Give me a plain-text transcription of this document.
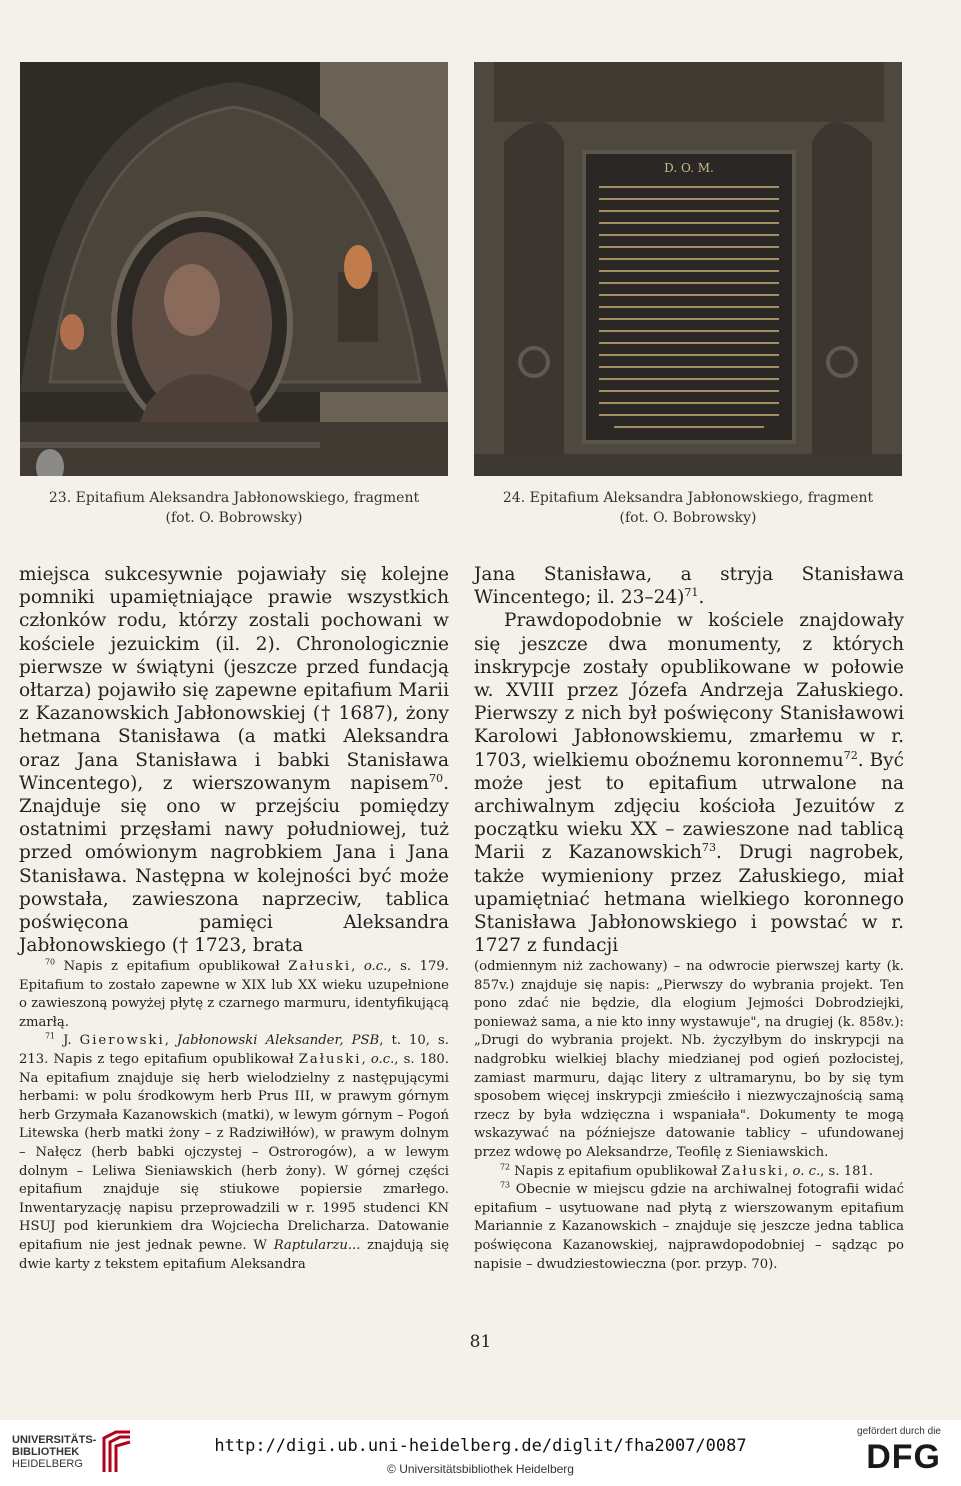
D. O. M.
23. Epitafium Aleksandra Jabłonowskiego, fragment
(fot. O. Bobrowsky)
24. Epitafium Aleksandra Jabłonowskiego, fragment
(fot. O. Bobrowsky)

miejsca sukcesywnie pojawiały się kolejne pomniki upamiętniające prawie wszystkich członków rodu, którzy zostali pochowani w kościele jezuickim (il. 2). Chronologicznie pierwsze w świątyni (jeszcze przed fundacją ołtarza) pojawiło się zapewne epitafium Marii z Kazanowskich Jabłonowskiej († 1687), żony hetmana Stanisława (a matki Aleksandra oraz Jana Stanisława i babki Stanisława Wincentego), z wierszowanym napisem$^{70}$. Znajduje się ono w przejściu pomiędzy ostatnimi przęsłami nawy południowej, tuż przed omówionym nagrobkiem Jana i Jana Stanisława. Następna w kolejności być może powstała, zawieszona naprzeciw, tablica poświęcona pamięci Aleksandra Jabłonowskiego († 1723, brata

Jana Stanisława, a stryja Stanisława Wincentego; il. 23–24)$^{71}$.

Prawdopodobnie w kościele znajdowały się jeszcze dwa monumenty, z których inskrypcje zostały opublikowane w połowie w. XVIII przez Józefa Andrzeja Załuskiego. Pierwszy z nich był poświęcony Stanisławowi Karolowi Jabłonowskiemu, zmarłemu w r. 1703, wielkiemu oboźnemu koronnemu$^{72}$. Być może jest to epitafium utrwalone na archiwalnym zdjęciu kościoła Jezuitów z początku wieku XX – zawieszone nad tablicą Marii z Kazanowskich$^{73}$. Drugi nagrobek, także wymieniony przez Załuskiego, miał upamiętniać hetmana wielkiego koronnego Stanisława Jabłonowskiego i powstać w r. 1727 z fundacji

$^{70}$ Napis z epitafium opublikował Załuski, o.c., s. 179. Epitafium to zostało zapewne w XIX lub XX wieku uzupełnione o zawieszoną powyżej płytę z czarnego marmuru, identyfikującą zmarłą.

$^{71}$ J. Gierowski, Jabłonowski Aleksander, PSB, t. 10, s. 213. Napis z tego epitafium opublikował Załuski, o.c., s. 180. Na epitafium znajduje się herb wielodzielny z następującymi herbami: w polu środkowym herb Prus III, w prawym górnym herb Grzymała Kazanowskich (matki), w lewym górnym – Pogoń Litewska (herb matki żony – z Radziwiłłów), w prawym dolnym – Nałęcz (herb babki ojczystej – Ostrorogów), a w lewym dolnym – Leliwa Sieniawskich (herb żony). W górnej części epitafium znajduje się stiukowe popiersie zmarłego. Inwentaryzację napisu przeprowadzili w r. 1995 studenci KN HSUJ pod kierunkiem dra Wojciecha Drelicharza. Datowanie epitafium nie jest jednak pewne. W Raptularzu... znajdują się dwie karty z tekstem epitafium Aleksandra

(odmiennym niż zachowany) – na odwrocie pierwszej karty (k. 857v.) znajduje się napis: „Pierwszy do wybrania projekt. Ten pono zdać nie będzie, dla elogium Jejmości Dobrodziejki, ponieważ sama, a nie kto inny wystawuje", na drugiej (k. 858v.): „Drugi do wybrania projekt. Nb. życzyłbym do inskrypcji na nadgrobku wielkiej blachy miedzianej pod ogień pozłocistej, zamiast marmuru, dając litery z ultramarynu, bo by się tym sposobem więcej inskrypcji zmieściło i niezwyczajnością samą rzecz by była wdzięczna i wspaniała". Dokumenty te mogą wskazywać na późniejsze datowanie tablicy – ufundowanej przez wdowę po Aleksandrze, Teofilę z Sieniawskich.

$^{72}$ Napis z epitafium opublikował Załuski, o. c., s. 181.

$^{73}$ Obecnie w miejscu gdzie na archiwalnej fotografii widać epitafium – usytuowane nad płytą z wierszowanym epitafium Mariannie z Kazanowskich – znajduje się jeszcze jedna tablica poświęcona Kazanowskiej, najprawdopodobniej – sądząc po napisie – dwudziestowieczna (por. przyp. 70).

81
UNIVERSITÄTS-
BIBLIOTHEK
HEIDELBERG
http://digi.ub.uni-heidelberg.de/diglit/fha2007/0087
© Universitätsbibliothek Heidelberg
gefördert durch die
DFG
